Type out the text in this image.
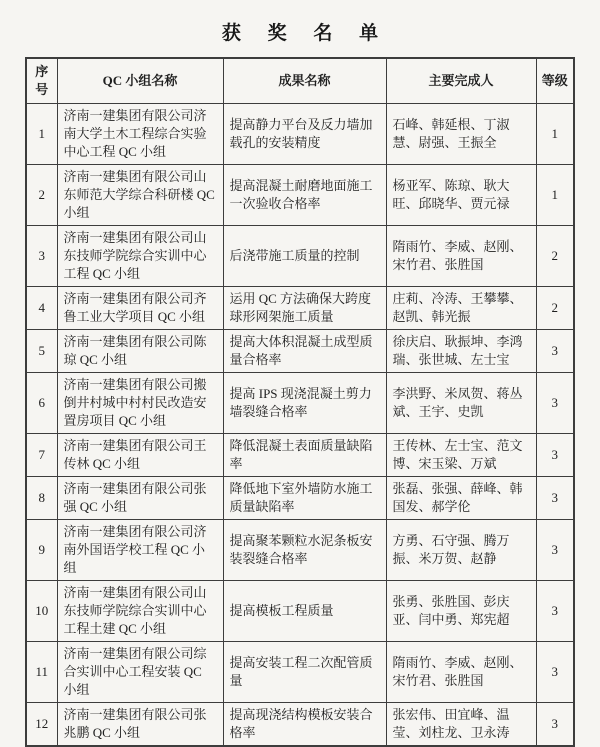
获 奖 名 单
序号	QC 小组名称	成果名称	主要完成人	等级
1	济南一建集团有限公司济南大学土木工程综合实验中心工程 QC 小组	提高静力平台及反力墙加载孔的安装精度	石峰、韩延根、丁淑慧、尉强、王振全	1
2	济南一建集团有限公司山东师范大学综合科研楼 QC 小组	提高混凝土耐磨地面施工一次验收合格率	杨亚军、陈琼、耿大旺、邱晓华、贾元禄	1
3	济南一建集团有限公司山东技师学院综合实训中心工程 QC 小组	后浇带施工质量的控制	隋雨竹、李威、赵刚、宋竹君、张胜国	2
4	济南一建集团有限公司齐鲁工业大学项目 QC 小组	运用 QC 方法确保大跨度球形网架施工质量	庄莉、冷涛、王攀攀、赵凯、韩光振	2
5	济南一建集团有限公司陈琼 QC 小组	提高大体积混凝土成型质量合格率	徐庆启、耿振坤、李鸿瑞、张世城、左士宝	3
6	济南一建集团有限公司搬倒井村城中村村民改造安置房项目 QC 小组	提高 IPS 现浇混凝土剪力墙裂缝合格率	李洪野、米凤贺、蒋丛斌、王宇、史凯	3
7	济南一建集团有限公司王传林 QC 小组	降低混凝土表面质量缺陷率	王传林、左士宝、范文博、宋玉梁、万斌	3
8	济南一建集团有限公司张强 QC 小组	降低地下室外墙防水施工质量缺陷率	张磊、张强、薛峰、韩国发、郝学伦	3
9	济南一建集团有限公司济南外国语学校工程 QC 小组	提高聚苯颗粒水泥条板安装裂缝合格率	方勇、石守强、腾万振、米万贺、赵静	3
10	济南一建集团有限公司山东技师学院综合实训中心工程土建 QC 小组	提高模板工程质量	张勇、张胜国、彭庆亚、闫中勇、郑宪超	3
11	济南一建集团有限公司综合实训中心工程安装 QC 小组	提高安装工程二次配管质量	隋雨竹、李威、赵刚、宋竹君、张胜国	3
12	济南一建集团有限公司张兆鹏 QC 小组	提高现浇结构模板安装合格率	张宏伟、田宜峰、温莹、刘柱龙、卫永涛	3
